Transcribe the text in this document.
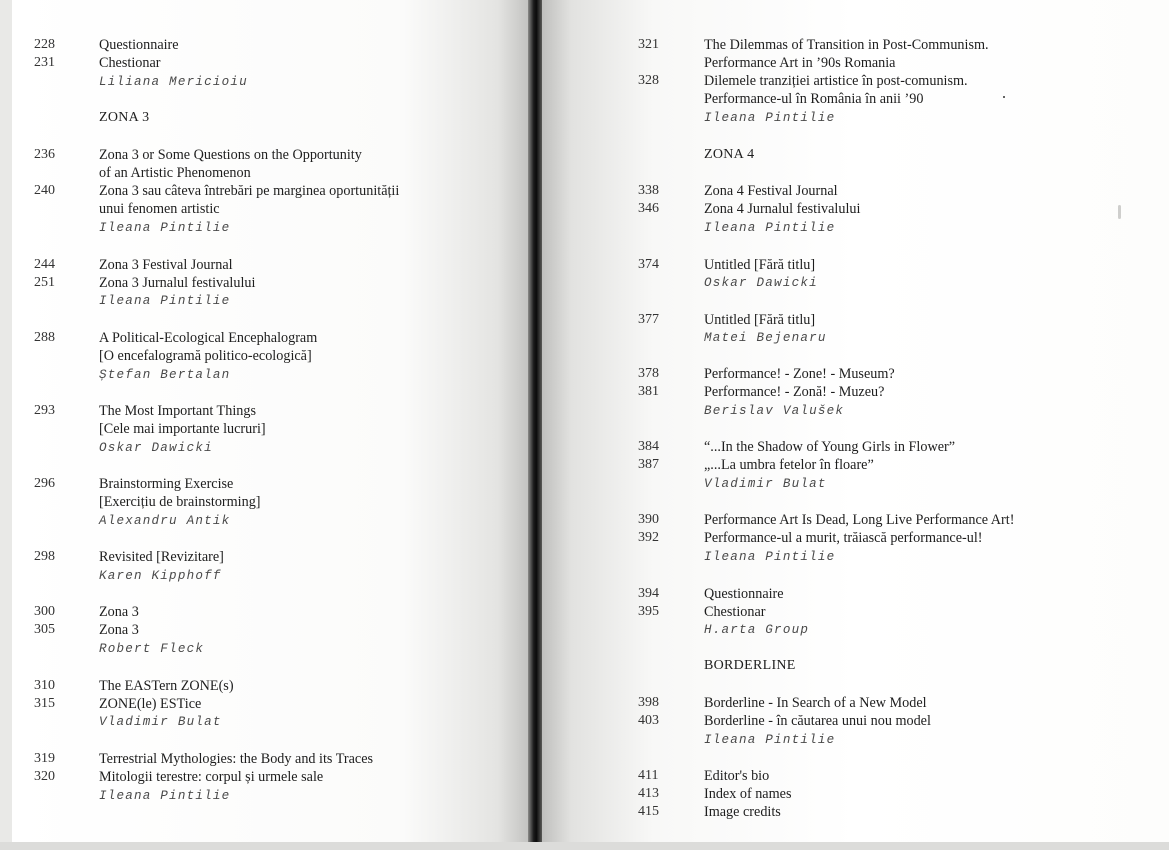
228	Questionnaire
231	Chestionar
Liliana Mericioiu
ZONA 3
236	Zona 3 or Some Questions on the Opportunity
of an Artistic Phenomenon
240	Zona 3 sau câteva întrebări pe marginea oportunității
unui fenomen artistic
Ileana Pintilie
244	Zona 3 Festival Journal
251	Zona 3 Jurnalul festivalului
Ileana Pintilie
288	A Political-Ecological Encephalogram
[O encefalogramă politico-ecologică]
Ștefan Bertalan
293	The Most Important Things
[Cele mai importante lucruri]
Oskar Dawicki
296	Brainstorming Exercise
[Exercițiu de brainstorming]
Alexandru Antik
298	Revisited [Revizitare]
Karen Kipphoff
300	Zona 3
305	Zona 3
Robert Fleck
310	The EASTern ZONE(s)
315	ZONE(le) ESTice
Vladimir Bulat
319	Terrestrial Mythologies: the Body and its Traces
320	Mitologii terestre: corpul și urmele sale
Ileana Pintilie
321	The Dilemmas of Transition in Post-Communism.
Performance Art in ’90s Romania
328	Dilemele tranziției artistice în post-comunism.
Performance-ul în România în anii ’90
Ileana Pintilie
ZONA 4
338	Zona 4 Festival Journal
346	Zona 4 Jurnalul festivalului
Ileana Pintilie
374	Untitled [Fără titlu]
Oskar Dawicki
377	Untitled [Fără titlu]
Matei Bejenaru
378	Performance! - Zone! - Museum?
381	Performance! - Zonă! - Muzeu?
Berislav Valušek
384	“...In the Shadow of Young Girls in Flower”
387	„...La umbra fetelor în floare”
Vladimir Bulat
390	Performance Art Is Dead, Long Live Performance Art!
392	Performance-ul a murit, trăiască performance-ul!
Ileana Pintilie
394	Questionnaire
395	Chestionar
H.arta Group
BORDERLINE
398	Borderline - In Search of a New Model
403	Borderline - în căutarea unui nou model
Ileana Pintilie
411	Editor's bio
413	Index of names
415	Image credits
